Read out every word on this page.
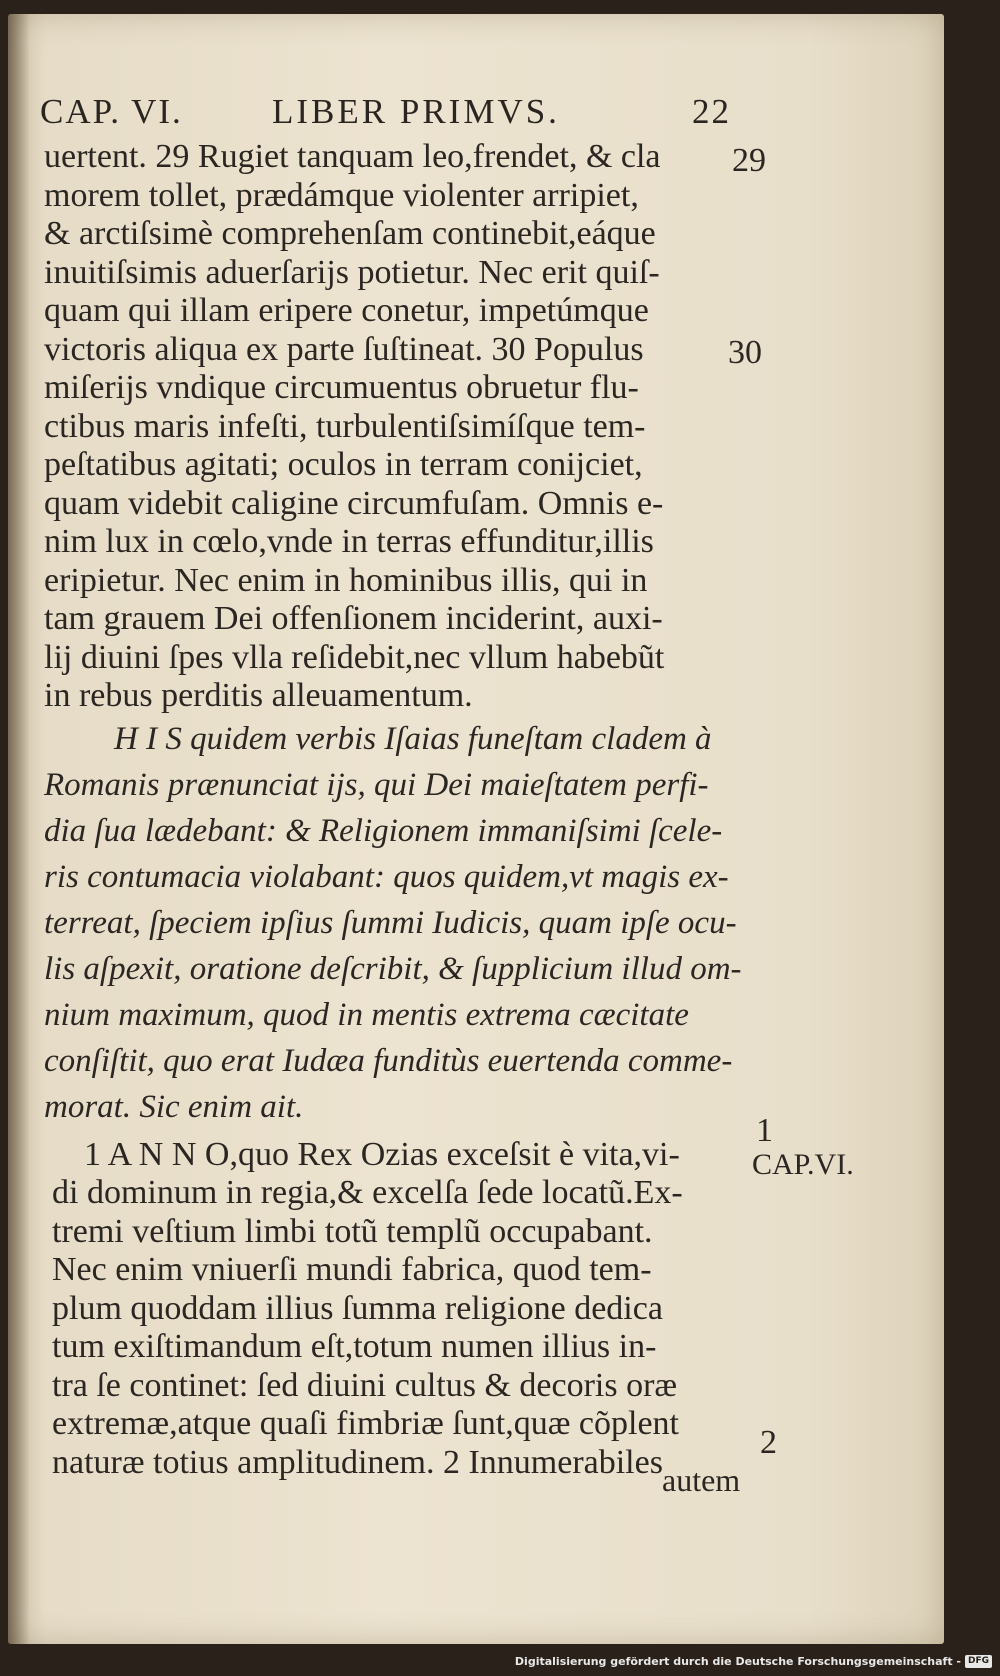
CAP. VI.	LIBER PRIMVS.	22
uertent. 29 Rugiet tanquam leo,frendet, & cla
morem tollet, prædámque violenter arripiet,
& arctiſsimè comprehenſam continebit,eáque
inuitiſsimis aduerſarijs potietur. Nec erit quiſ-
quam qui illam eripere conetur, impetúmque
victoris aliqua ex parte ſuſtineat. 30 Populus
miſerijs vndique circumuentus obruetur flu-
ctibus maris infeſti, turbulentiſsimíſque tem-
peſtatibus agitati; oculos in terram conijciet,
quam videbit caligine circumfuſam. Omnis e-
nim lux in cœlo,vnde in terras effunditur,illis
eripietur. Nec enim in hominibus illis, qui in
tam grauem Dei offenſionem inciderint, auxi-
lij diuini ſpes vlla reſidebit,nec vllum habebũt
in rebus perditis alleuamentum.
H I S quidem verbis Iſaias funeſtam cladem à
Romanis prænunciat ijs, qui Dei maieſtatem perfi-
dia ſua lædebant: & Religionem immaniſsimi ſcele-
ris contumacia violabant: quos quidem,vt magis ex-
terreat, ſpeciem ipſius ſummi Iudicis, quam ipſe ocu-
lis aſpexit, oratione deſcribit, & ſupplicium illud om-
nium maximum, quod in mentis extrema cæcitate
conſiſtit, quo erat Iudæa funditùs euertenda comme-
morat. Sic enim ait.
1 A N N O,quo Rex Ozias exceſsit è vita,vi-
di dominum in regia,& excelſa ſede locatũ.Ex-
tremi veſtium limbi totũ templũ occupabant.
Nec enim vniuerſi mundi fabrica, quod tem-
plum quoddam illius ſumma religione dedica
tum exiſtimandum eſt,totum numen illius in-
tra ſe continet: ſed diuini cultus & decoris oræ
extremæ,atque quaſi fimbriæ ſunt,quæ cõplent
naturæ totius amplitudinem. 2 Innumerabiles
29
30
1
CAP.VI.
2
autem
Digitalisierung gefördert durch die Deutsche Forschungsgemeinschaft - DFG
